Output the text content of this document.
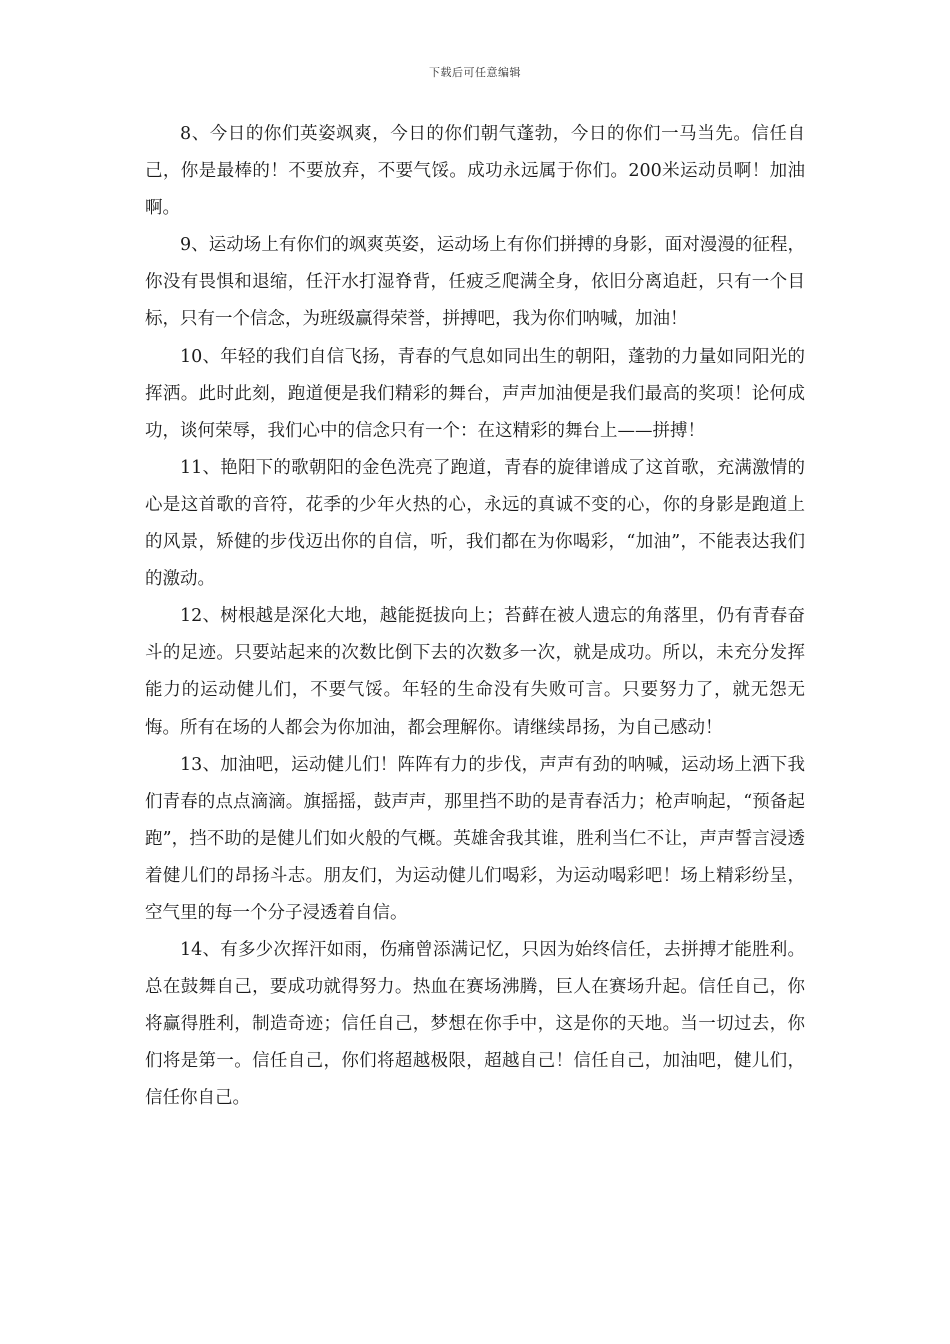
下载后可任意编辑

8、今日的你们英姿飒爽，今日的你们朝气蓬勃，今日的你们一马当先。信任自己，你是最棒的！不要放弃，不要气馁。成功永远属于你们。200米运动员啊！加油啊。

9、运动场上有你们的飒爽英姿，运动场上有你们拼搏的身影，面对漫漫的征程，你没有畏惧和退缩，任汗水打湿脊背，任疲乏爬满全身，依旧分离追赶，只有一个目标，只有一个信念，为班级赢得荣誉，拼搏吧，我为你们呐喊，加油！

10、年轻的我们自信飞扬，青春的气息如同出生的朝阳，蓬勃的力量如同阳光的挥洒。此时此刻，跑道便是我们精彩的舞台，声声加油便是我们最高的奖项！论何成功，谈何荣辱，我们心中的信念只有一个：在这精彩的舞台上——拼搏！

11、艳阳下的歌朝阳的金色洗亮了跑道，青春的旋律谱成了这首歌，充满激情的心是这首歌的音符，花季的少年火热的心，永远的真诚不变的心，你的身影是跑道上的风景，矫健的步伐迈出你的自信，听，我们都在为你喝彩，“加油”，不能表达我们的激动。

12、树根越是深化大地，越能挺拔向上；苔藓在被人遗忘的角落里，仍有青春奋斗的足迹。只要站起来的次数比倒下去的次数多一次，就是成功。所以，未充分发挥能力的运动健儿们，不要气馁。年轻的生命没有失败可言。只要努力了，就无怨无悔。所有在场的人都会为你加油，都会理解你。请继续昂扬，为自己感动！

13、加油吧，运动健儿们！阵阵有力的步伐，声声有劲的呐喊，运动场上洒下我们青春的点点滴滴。旗摇摇，鼓声声，那里挡不助的是青春活力；枪声响起，“预备起跑”，挡不助的是健儿们如火般的气概。英雄舍我其谁，胜利当仁不让，声声誓言浸透着健儿们的昂扬斗志。朋友们，为运动健儿们喝彩，为运动喝彩吧！场上精彩纷呈，空气里的每一个分子浸透着自信。

14、有多少次挥汗如雨，伤痛曾添满记忆，只因为始终信任，去拼搏才能胜利。总在鼓舞自己，要成功就得努力。热血在赛场沸腾，巨人在赛场升起。信任自己，你将赢得胜利，制造奇迹；信任自己，梦想在你手中，这是你的天地。当一切过去，你们将是第一。信任自己，你们将超越极限，超越自己！信任自己，加油吧，健儿们，信任你自己。
